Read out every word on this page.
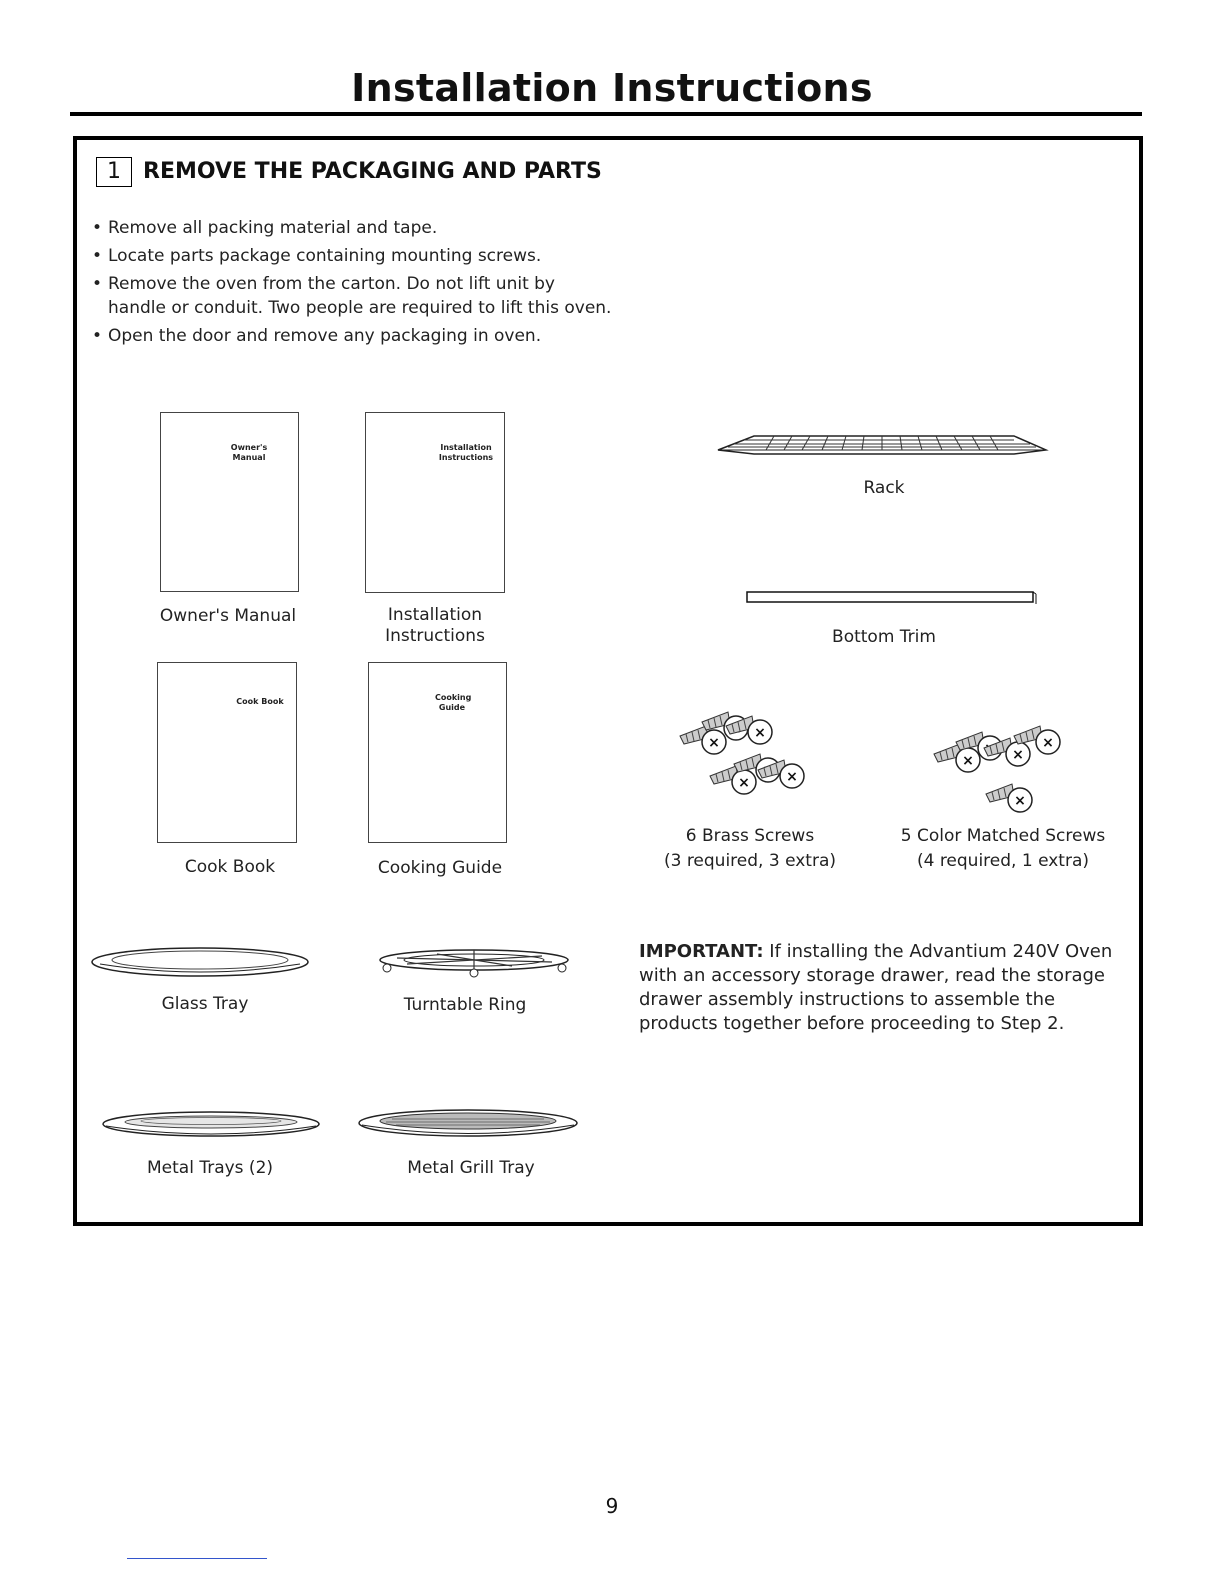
Installation Instructions
1	REMOVE THE PACKAGING AND PARTS
• Remove all packing material and tape.
• Locate parts package containing mounting screws.
• Remove the oven from the carton. Do not lift unit by handle or conduit. Two people are required to lift this oven.
• Open the door and remove any packaging in oven.
Owner's Manual
Owner's Manual
Installation Instructions
Installation
Instructions
Cook Book
Cook Book
Cooking Guide
Cooking Guide
Rack
Bottom Trim
×
6 Brass Screws
(3 required, 3 extra)
5 Color Matched Screws
(4 required, 1 extra)
Glass Tray	Turntable Ring
Metal Trays (2)	Metal Grill Tray
IMPORTANT: If installing the Advantium 240V Oven with an accessory storage drawer, read the storage drawer assembly instructions to assemble the products together before proceeding to Step 2.
9
